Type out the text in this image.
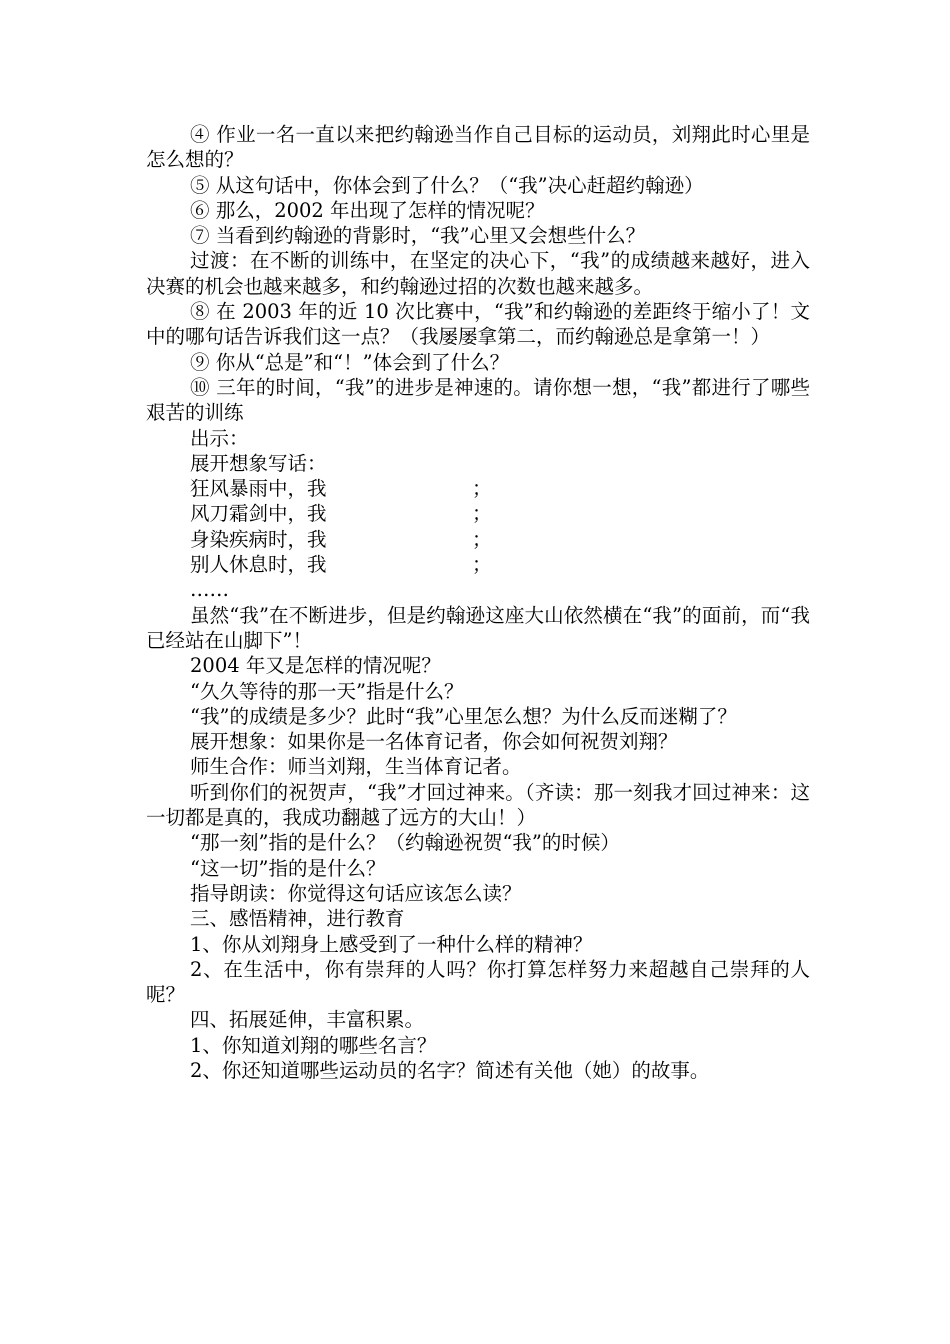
④ 作业一名一直以来把约翰逊当作自己目标的运动员，刘翔此时心里是怎么想的？

⑤ 从这句话中，你体会到了什么？（“我”决心赶超约翰逊）

⑥ 那么，2002 年出现了怎样的情况呢？

⑦ 当看到约翰逊的背影时，“我”心里又会想些什么？

过渡：在不断的训练中，在坚定的决心下，“我”的成绩越来越好，进入决赛的机会也越来越多，和约翰逊过招的次数也越来越多。

⑧ 在 2003 年的近 10 次比赛中，“我”和约翰逊的差距终于缩小了！文中的哪句话告诉我们这一点？（我屡屡拿第二，而约翰逊总是拿第一！）

⑨ 你从“总是”和“！”体会到了什么？

⑩ 三年的时间，“我”的进步是神速的。请你想一想，“我”都进行了哪些艰苦的训练

出示：

展开想象写话：

狂风暴雨中，我	；
风刀霜剑中，我	；
身染疾病时，我	；
别人休息时，我	；

……

虽然“我”在不断进步，但是约翰逊这座大山依然横在“我”的面前，而“我已经站在山脚下”！

2004 年又是怎样的情况呢？

“久久等待的那一天”指是什么？

“我”的成绩是多少？此时“我”心里怎么想？为什么反而迷糊了？

展开想象：如果你是一名体育记者，你会如何祝贺刘翔？

师生合作：师当刘翔，生当体育记者。

听到你们的祝贺声，“我”才回过神来。（齐读：那一刻我才回过神来：这一切都是真的，我成功翻越了远方的大山！）

“那一刻”指的是什么？（约翰逊祝贺“我”的时候）

“这一切”指的是什么？

指导朗读：你觉得这句话应该怎么读？

三、感悟精神，进行教育

1、你从刘翔身上感受到了一种什么样的精神？

2、在生活中，你有崇拜的人吗？你打算怎样努力来超越自己崇拜的人呢？

四、拓展延伸，丰富积累。

1、你知道刘翔的哪些名言？

2、你还知道哪些运动员的名字？简述有关他（她）的故事。
